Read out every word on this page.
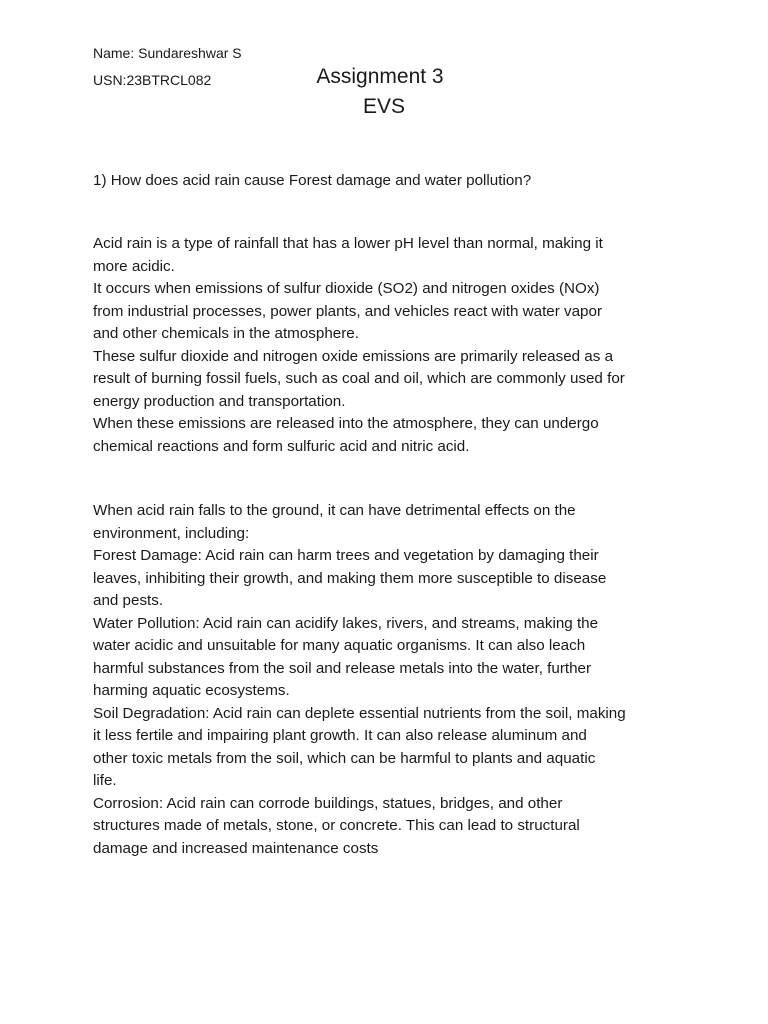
Name: Sundareshwar S
USN:23BTRCL082	Assignment 3
EVS
1) How does acid rain cause Forest damage and water pollution?
Acid rain is a type of rainfall that has a lower pH level than normal, making it
more acidic.
It occurs when emissions of sulfur dioxide (SO2) and nitrogen oxides (NOx)
from industrial processes, power plants, and vehicles react with water vapor
and other chemicals in the atmosphere.
These sulfur dioxide and nitrogen oxide emissions are primarily released as a
result of burning fossil fuels, such as coal and oil, which are commonly used for
energy production and transportation.
When these emissions are released into the atmosphere, they can undergo
chemical reactions and form sulfuric acid and nitric acid.
When acid rain falls to the ground, it can have detrimental effects on the
environment, including:
Forest Damage: Acid rain can harm trees and vegetation by damaging their
leaves, inhibiting their growth, and making them more susceptible to disease
and pests.
Water Pollution: Acid rain can acidify lakes, rivers, and streams, making the
water acidic and unsuitable for many aquatic organisms. It can also leach
harmful substances from the soil and release metals into the water, further
harming aquatic ecosystems.
Soil Degradation: Acid rain can deplete essential nutrients from the soil, making
it less fertile and impairing plant growth. It can also release aluminum and
other toxic metals from the soil, which can be harmful to plants and aquatic
life.
Corrosion: Acid rain can corrode buildings, statues, bridges, and other
structures made of metals, stone, or concrete. This can lead to structural
damage and increased maintenance costs
